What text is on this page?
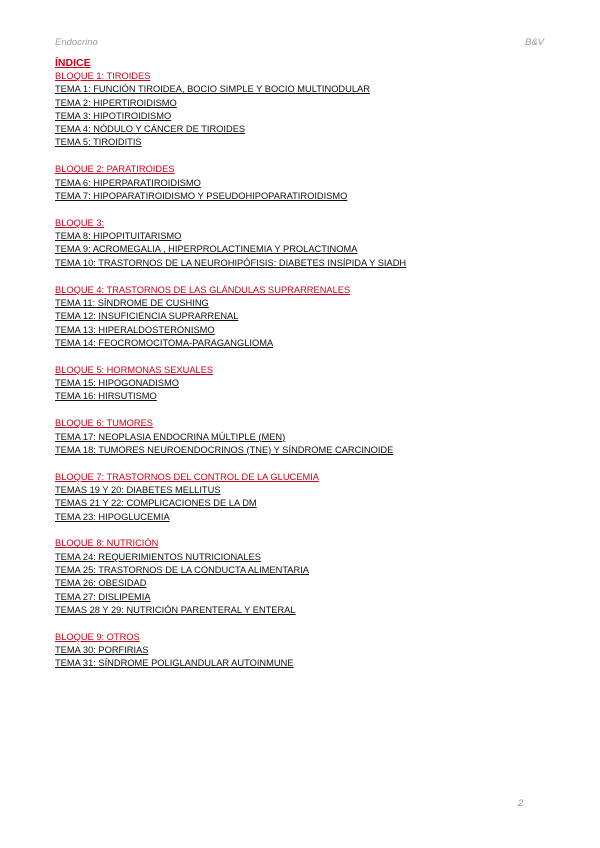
Endocrino	B&V
ÍNDICE
BLOQUE 1: TIROIDES
TEMA 1: FUNCIÓN TIROIDEA, BOCIO SIMPLE Y BOCIO MULTINODULAR
TEMA 2: HIPERTIROIDISMO
TEMA 3: HIPOTIROIDISMO
TEMA 4: NÓDULO Y CÁNCER DE TIROIDES
TEMA 5: TIROIDITIS
BLOQUE 2: PARATIROIDES
TEMA 6: HIPERPARATIROIDISMO
TEMA 7: HIPOPARATIROIDISMO Y PSEUDOHIPOPARATIROIDISMO
BLOQUE 3:
TEMA 8: HIPOPITUITARISMO
TEMA 9: ACROMEGALIA , HIPERPROLACTINEMIA Y PROLACTINOMA
TEMA 10: TRASTORNOS DE LA NEUROHIPÓFISIS: DIABETES INSÍPIDA Y SIADH
BLOQUE 4: TRASTORNOS DE LAS GLÁNDULAS SUPRARRENALES
TEMA 11: SÍNDROME DE CUSHING
TEMA 12: INSUFICIENCIA SUPRARRENAL
TEMA 13: HIPERALDOSTERONISMO
TEMA 14: FEOCROMOCITOMA-PARAGANGLIOMA
BLOQUE 5: HORMONAS SEXUALES
TEMA 15: HIPOGONADISMO
TEMA 16: HIRSUTISMO
BLOQUE 6: TUMORES
TEMA 17: NEOPLASIA ENDOCRINA MÚLTIPLE (MEN)
TEMA 18: TUMORES NEUROENDOCRINOS (TNE) Y SÍNDROME CARCINOIDE
BLOQUE 7: TRASTORNOS DEL CONTROL DE LA GLUCEMIA
TEMAS 19 Y 20: DIABETES MELLITUS
TEMAS 21 Y 22: COMPLICACIONES DE LA DM
TEMA 23: HIPOGLUCEMIA
BLOQUE 8: NUTRICIÓN
TEMA 24: REQUERIMIENTOS NUTRICIONALES
TEMA 25: TRASTORNOS DE LA CONDUCTA ALIMENTARIA
TEMA 26: OBESIDAD
TEMA 27: DISLIPEMIA
TEMAS 28 Y 29: NUTRICIÓN PARENTERAL Y ENTERAL
BLOQUE 9: OTROS
TEMA 30: PORFIRIAS
TEMA 31: SÍNDROME POLIGLANDULAR AUTOINMUNE
2
